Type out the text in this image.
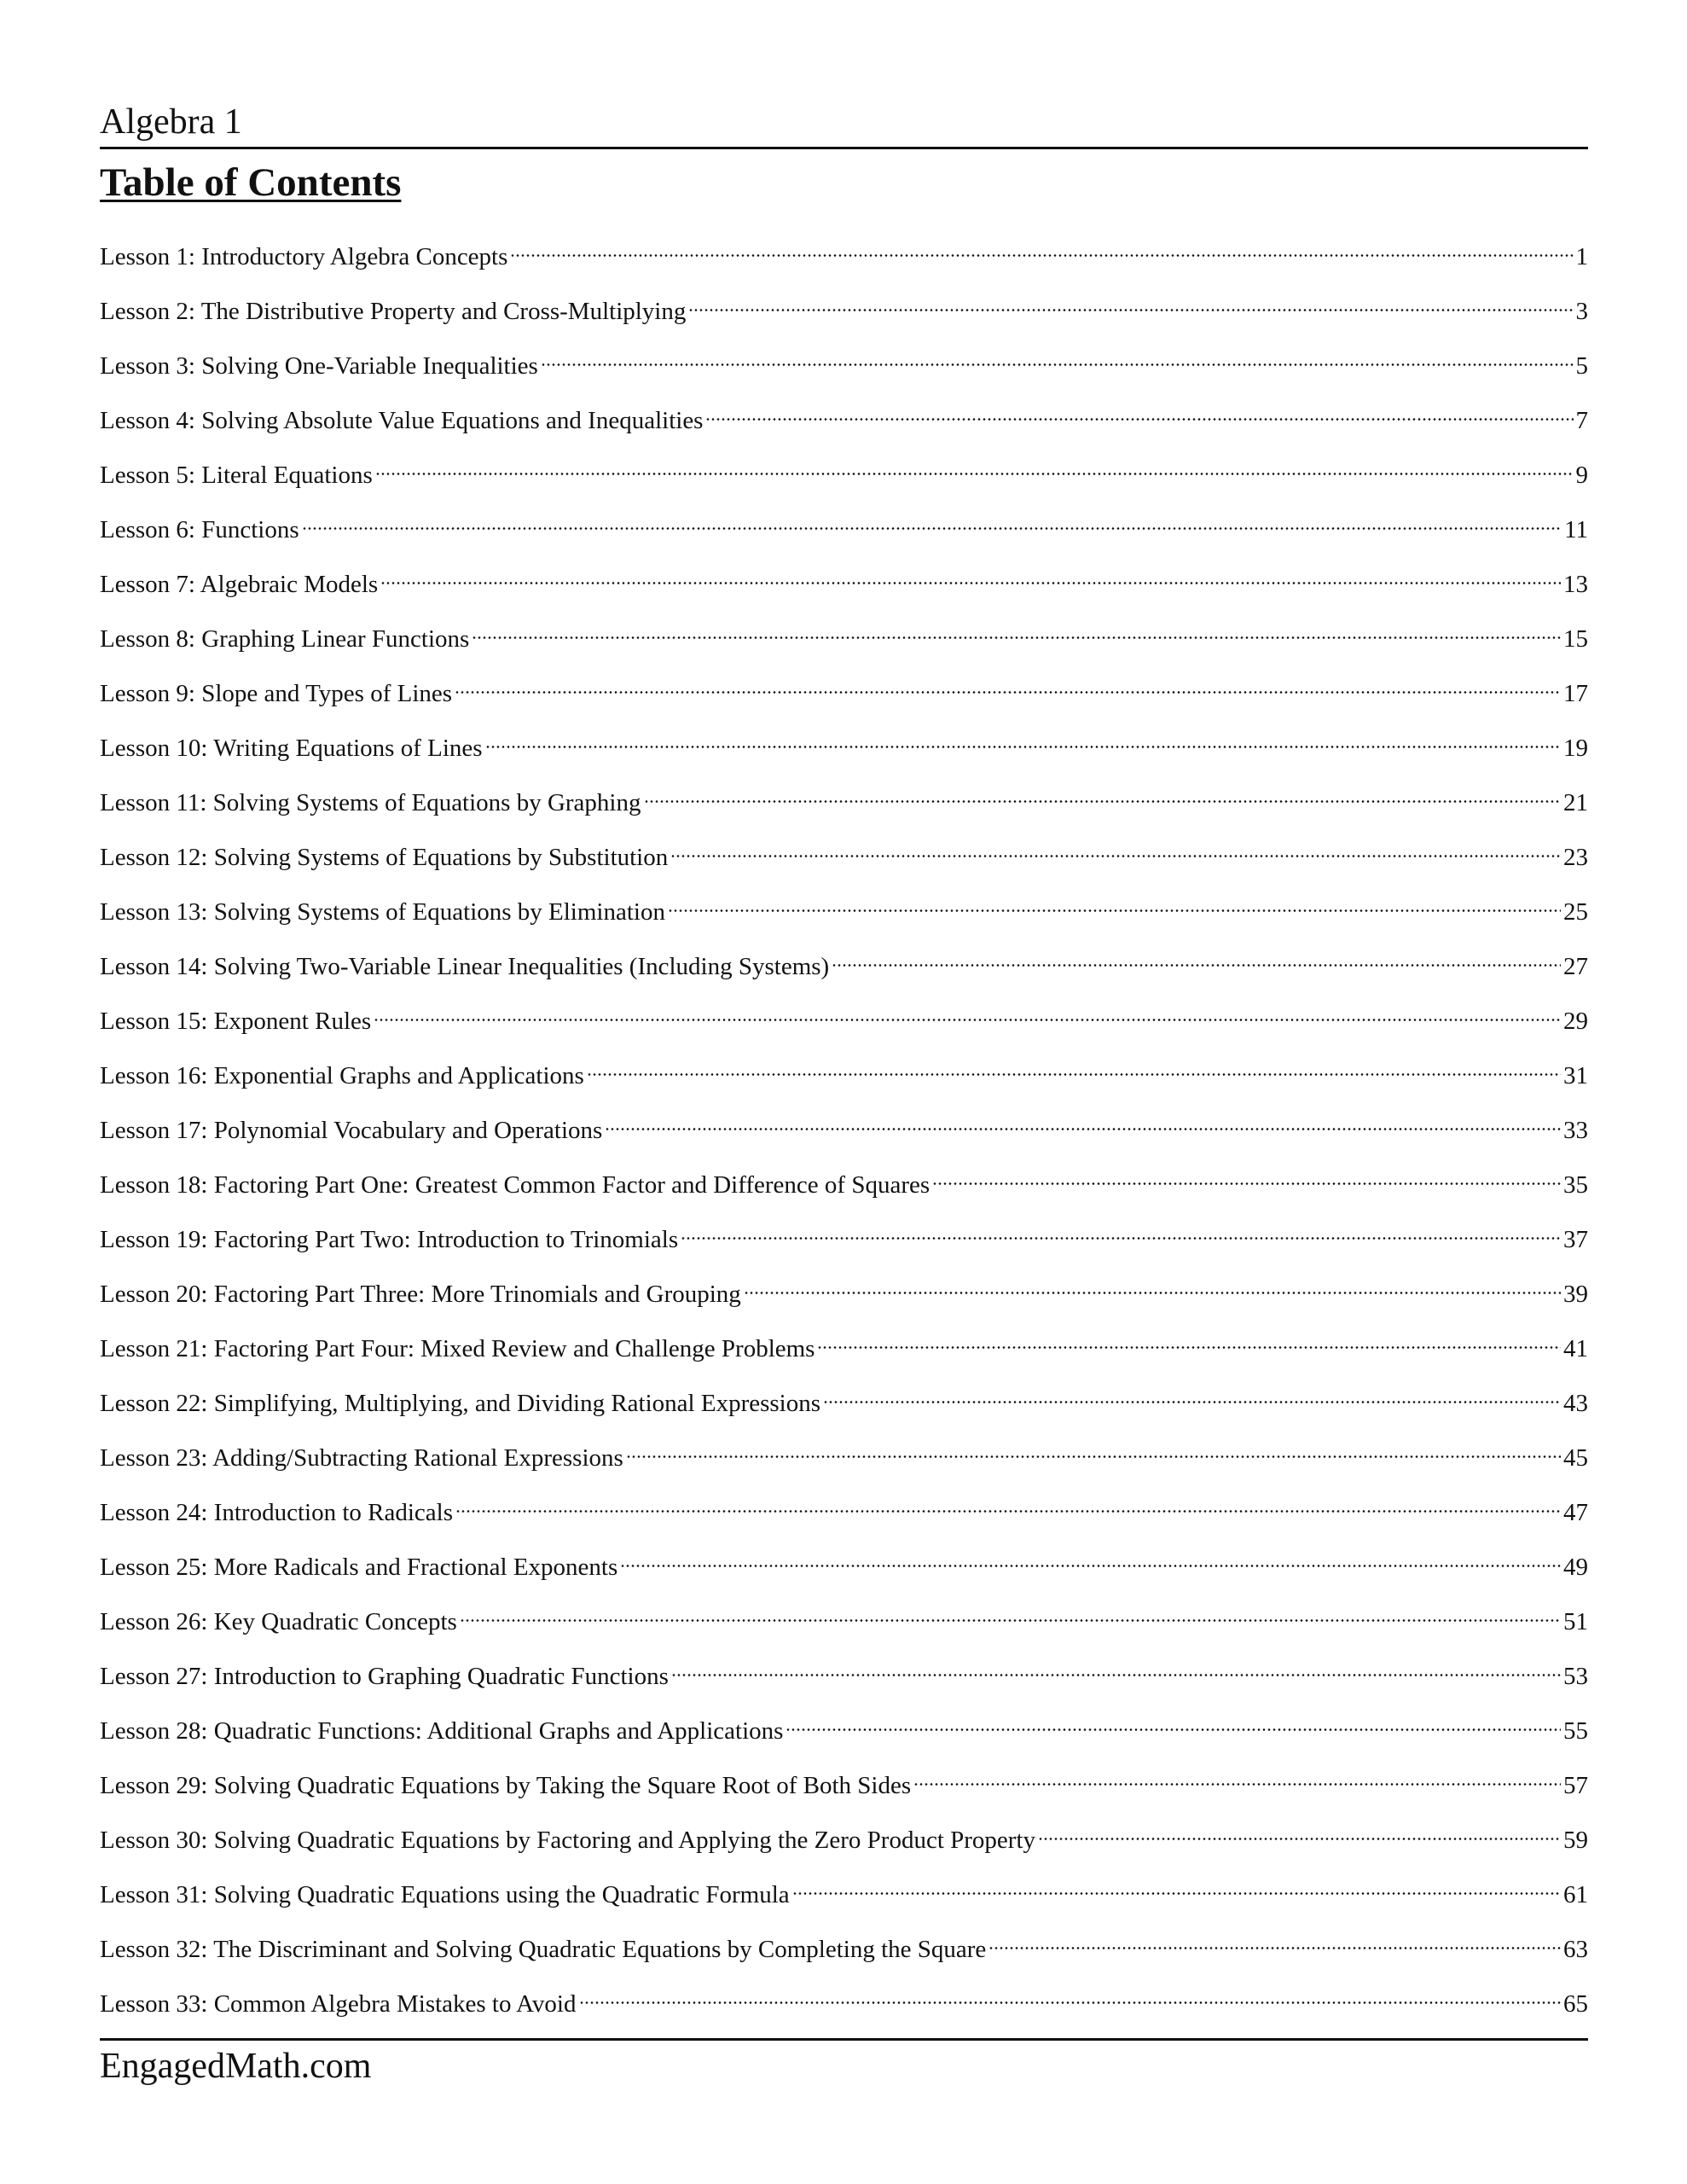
Algebra 1
Table of Contents
Lesson 1: Introductory Algebra Concepts	1
Lesson 2: The Distributive Property and Cross-Multiplying	3
Lesson 3: Solving One-Variable Inequalities	5
Lesson 4: Solving Absolute Value Equations and Inequalities	7
Lesson 5: Literal Equations	9
Lesson 6: Functions	11
Lesson 7: Algebraic Models	13
Lesson 8: Graphing Linear Functions	15
Lesson 9: Slope and Types of Lines	17
Lesson 10: Writing Equations of Lines	19
Lesson 11: Solving Systems of Equations by Graphing	21
Lesson 12: Solving Systems of Equations by Substitution	23
Lesson 13: Solving Systems of Equations by Elimination	25
Lesson 14: Solving Two-Variable Linear Inequalities (Including Systems)	27
Lesson 15: Exponent Rules	29
Lesson 16: Exponential Graphs and Applications	31
Lesson 17: Polynomial Vocabulary and Operations	33
Lesson 18: Factoring Part One: Greatest Common Factor and Difference of Squares	35
Lesson 19: Factoring Part Two: Introduction to Trinomials	37
Lesson 20: Factoring Part Three: More Trinomials and Grouping	39
Lesson 21: Factoring Part Four: Mixed Review and Challenge Problems	41
Lesson 22: Simplifying, Multiplying, and Dividing Rational Expressions	43
Lesson 23: Adding/Subtracting Rational Expressions	45
Lesson 24: Introduction to Radicals	47
Lesson 25: More Radicals and Fractional Exponents	49
Lesson 26: Key Quadratic Concepts	51
Lesson 27: Introduction to Graphing Quadratic Functions	53
Lesson 28: Quadratic Functions: Additional Graphs and Applications	55
Lesson 29: Solving Quadratic Equations by Taking the Square Root of Both Sides	57
Lesson 30: Solving Quadratic Equations by Factoring and Applying the Zero Product Property	59
Lesson 31: Solving Quadratic Equations using the Quadratic Formula	61
Lesson 32: The Discriminant and Solving Quadratic Equations by Completing the Square	63
Lesson 33: Common Algebra Mistakes to Avoid	65
EngagedMath.com
